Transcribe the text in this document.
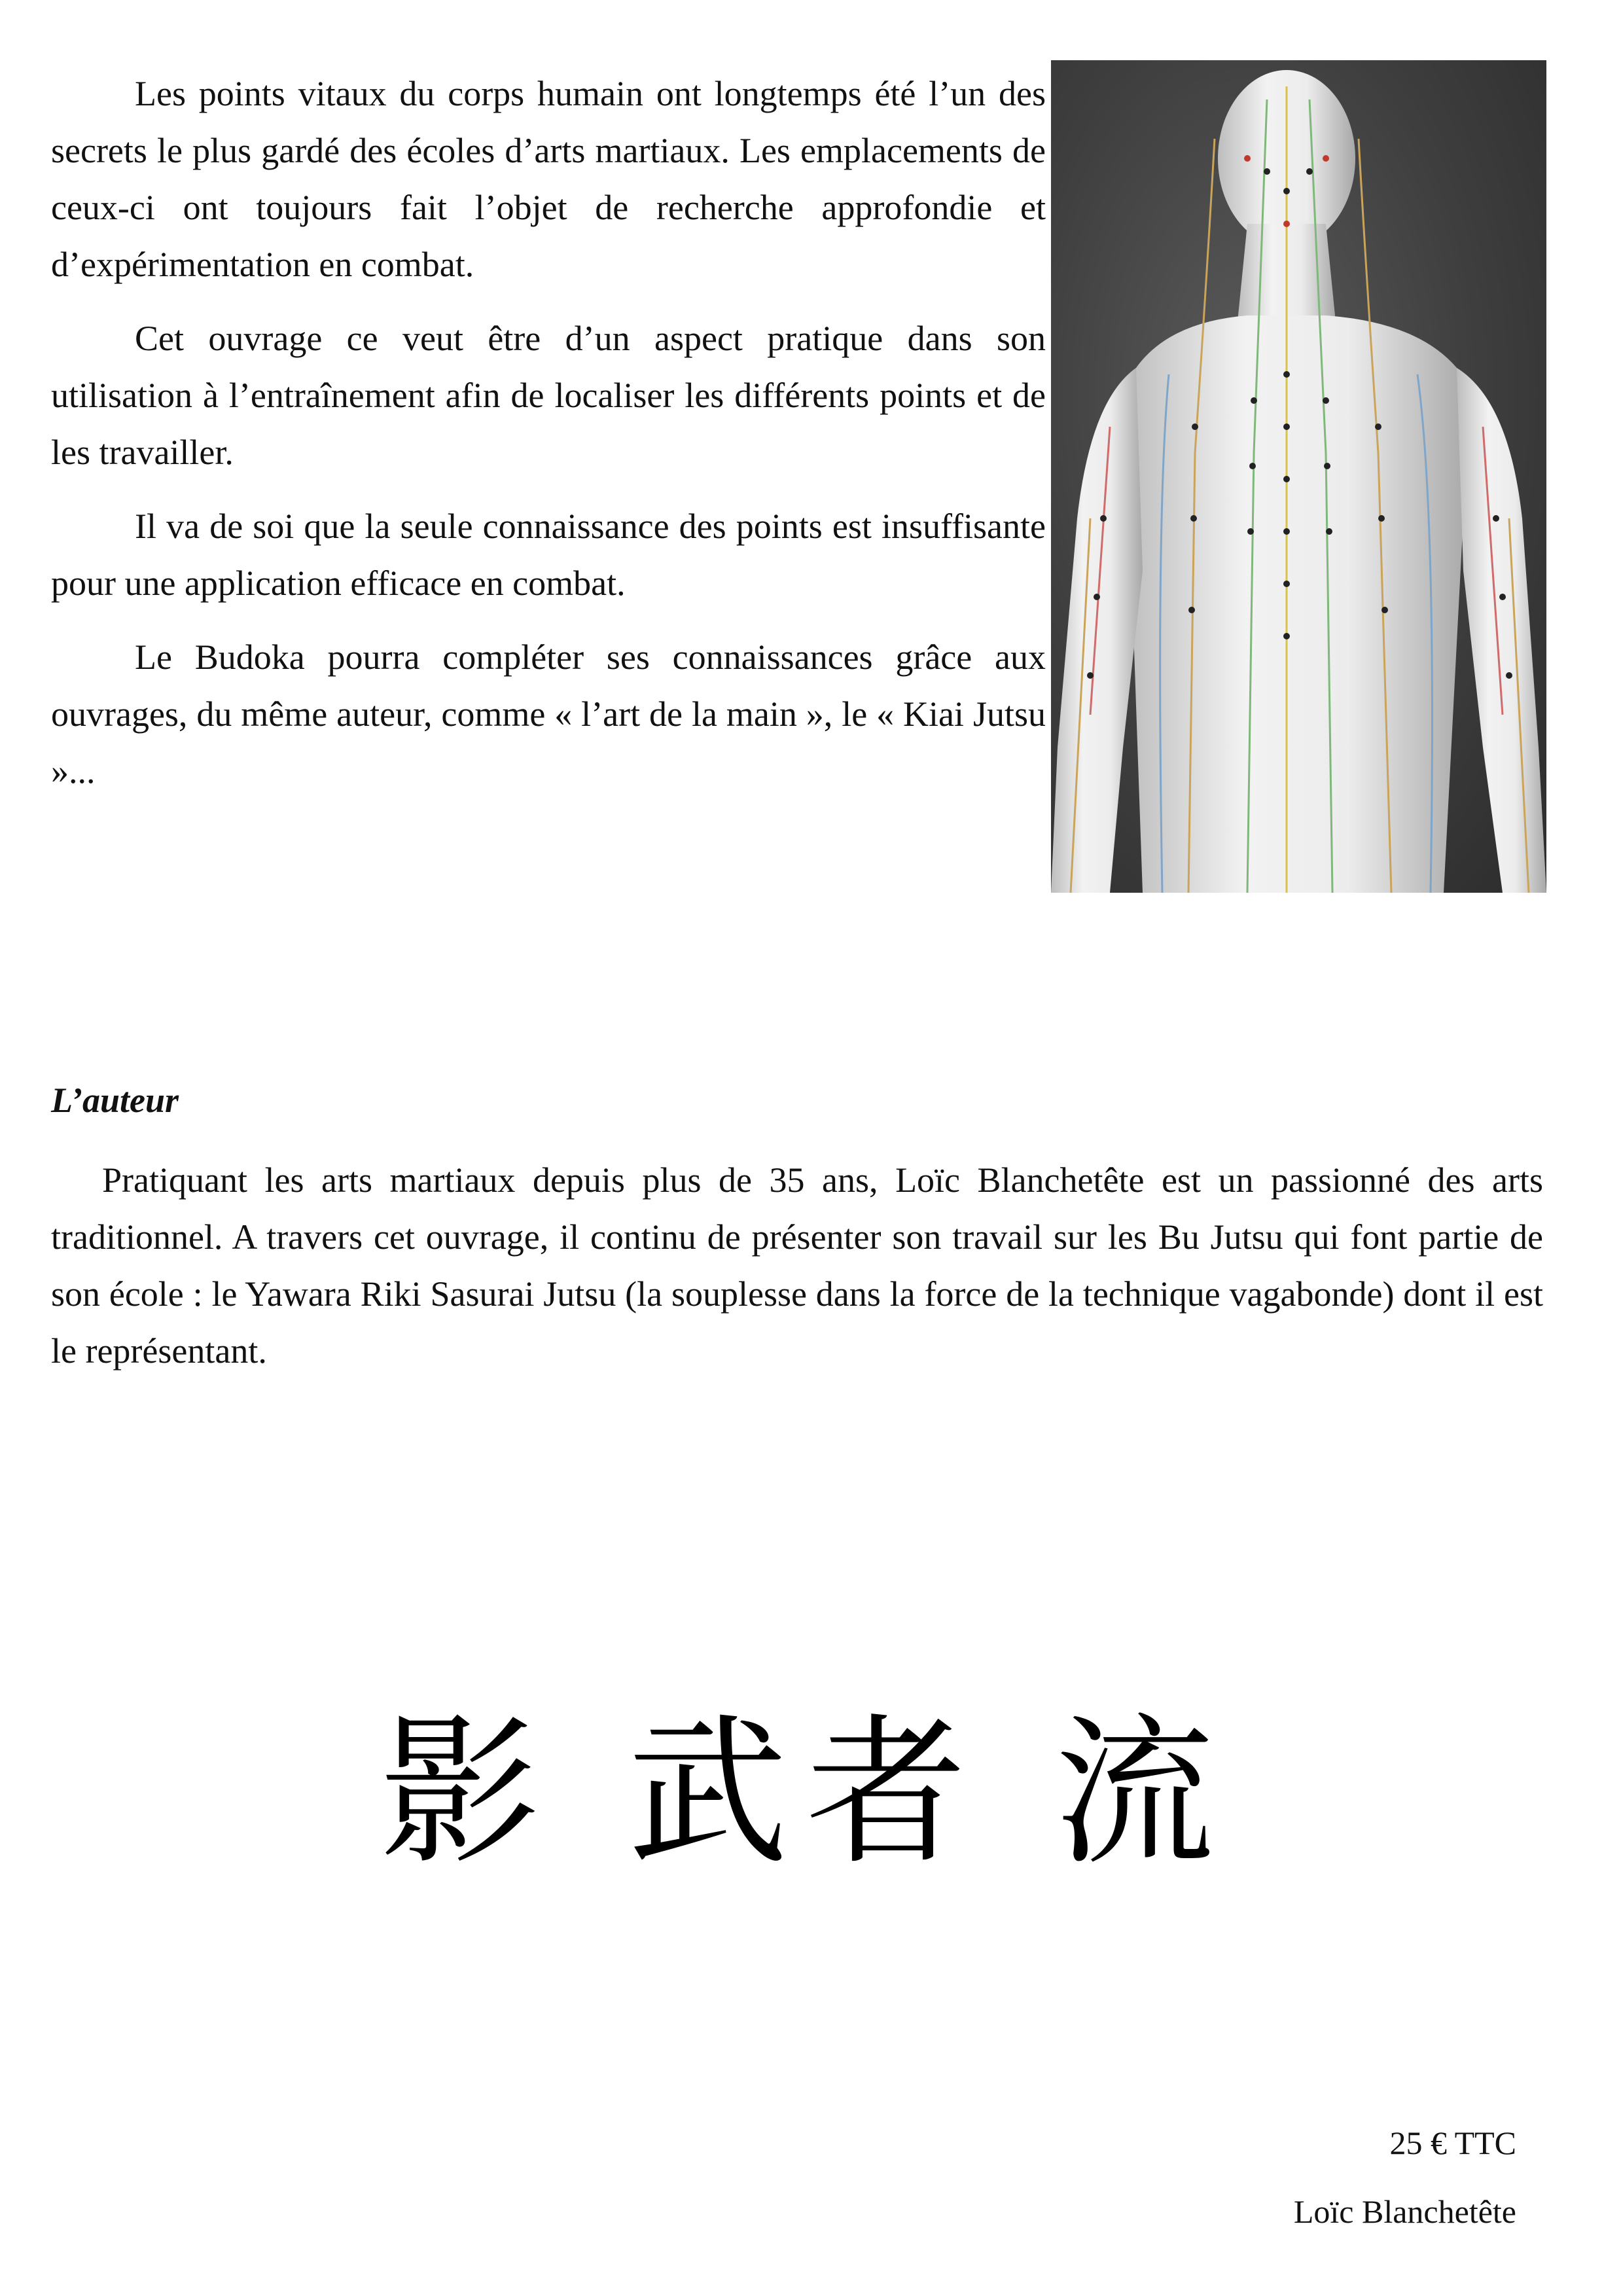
Les points vitaux du corps humain ont longtemps été l’un des secrets le plus gardé des écoles d’arts martiaux. Les emplacements de ceux-ci ont toujours fait l’objet de recherche approfondie et d’expérimentation en combat.

Cet ouvrage ce veut être d’un aspect pratique dans son utilisation à l’entraînement afin de localiser les différents points et de les travailler.

Il va de soi que la seule connaissance des points est insuffisante pour une application efficace en combat.

Le Budoka pourra compléter ses connaissances grâce aux ouvrages, du même auteur, comme « l’art de la main », le « Kiai Jutsu »...

L’auteur

Pratiquant les arts martiaux depuis plus de 35 ans, Loïc Blanchetête est un passionné des arts traditionnel. A travers cet ouvrage, il continu de présenter son travail sur les Bu Jutsu qui font partie de son école : le Yawara Riki Sasurai Jutsu (la souplesse dans la force de la technique vagabonde) dont il est le représentant.

影 武者 流
25 € TTC
Loïc Blanchetête
